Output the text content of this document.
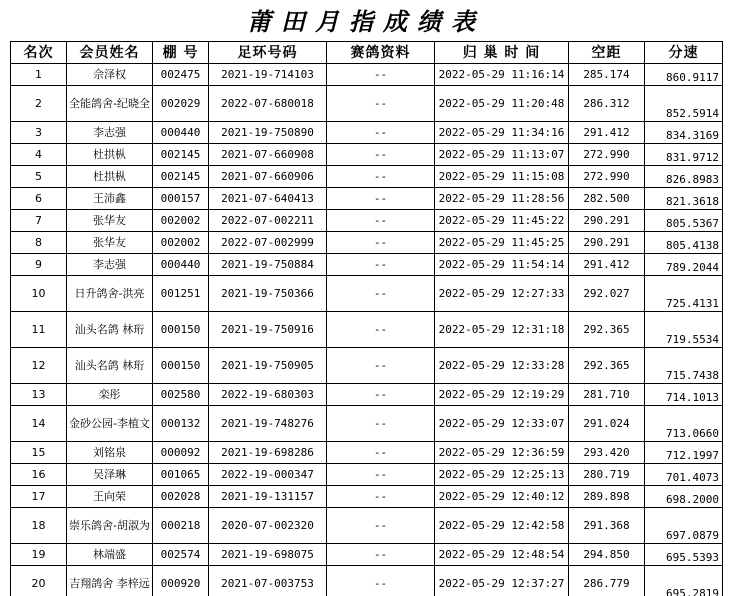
莆田月指成绩表
名次	会员姓名	棚 号	足环号码	赛鸽资料	归 巢 时 间	空距	分速
1	佘泽权	002475	2021-19-714103	--	2022-05-29 11:16:14	285.174	860.9117
2	全能鸽舍-纪晓全	002029	2022-07-680018	--	2022-05-29 11:20:48	286.312	852.5914
3	李志强	000440	2021-19-750890	--	2022-05-29 11:34:16	291.412	834.3169
4	杜拱枞	002145	2021-07-660908	--	2022-05-29 11:13:07	272.990	831.9712
5	杜拱枞	002145	2021-07-660906	--	2022-05-29 11:15:08	272.990	826.8983
6	王沛鑫	000157	2021-07-640413	--	2022-05-29 11:28:56	282.500	821.3618
7	张华友	002002	2022-07-002211	--	2022-05-29 11:45:22	290.291	805.5367
8	张华友	002002	2022-07-002999	--	2022-05-29 11:45:25	290.291	805.4138
9	李志强	000440	2021-19-750884	--	2022-05-29 11:54:14	291.412	789.2044
10	日升鸽舍-洪亮	001251	2021-19-750366	--	2022-05-29 12:27:33	292.027	725.4131
11	汕头名鸽 林珩	000150	2021-19-750916	--	2022-05-29 12:31:18	292.365	719.5534
12	汕头名鸽 林珩	000150	2021-19-750905	--	2022-05-29 12:33:28	292.365	715.7438
13	栾彤	002580	2022-19-680303	--	2022-05-29 12:19:29	281.710	714.1013
14	金砂公园-李植文	000132	2021-19-748276	--	2022-05-29 12:33:07	291.024	713.0660
15	刘铭泉	000092	2021-19-698286	--	2022-05-29 12:36:59	293.420	712.1997
16	吴泽琳	001065	2022-19-000347	--	2022-05-29 12:25:13	280.719	701.4073
17	王向荣	002028	2021-19-131157	--	2022-05-29 12:40:12	289.898	698.2000
18	崇乐鸽舍-胡淑为	000218	2020-07-002320	--	2022-05-29 12:42:58	291.368	697.0879
19	林端盛	002574	2021-19-698075	--	2022-05-29 12:48:54	294.850	695.5393
20	吉翔鸽舍 李梓远	000920	2021-07-003753	--	2022-05-29 12:37:27	286.779	695.2819
